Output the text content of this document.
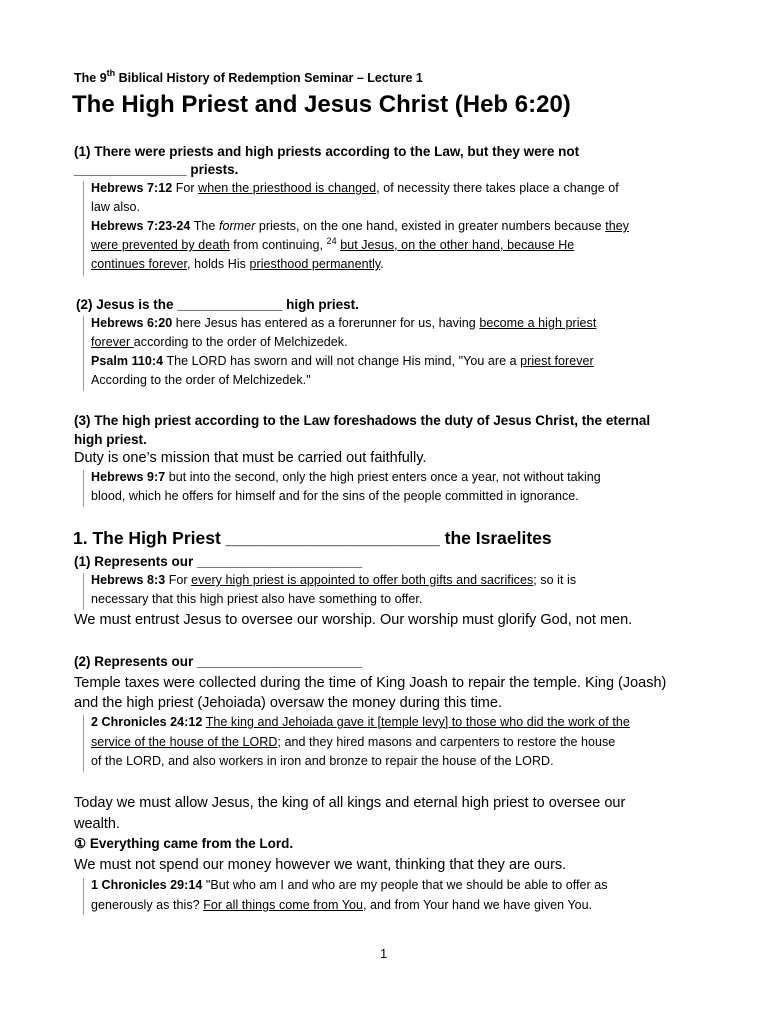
The 9th Biblical History of Redemption Seminar – Lecture 1
The High Priest and Jesus Christ (Heb 6:20)
(1) There were priests and high priests according to the Law, but they were not
_______________ priests.
Hebrews 7:12 For when the priesthood is changed, of necessity there takes place a change of
law also.
Hebrews 7:23-24 The former priests, on the one hand, existed in greater numbers because they
were prevented by death from continuing, $^{24}$ but Jesus, on the other hand, because He
continues forever, holds His priesthood permanently.
(2) Jesus is the ______________ high priest.
Hebrews 6:20 here Jesus has entered as a forerunner for us, having become a high priest
forever according to the order of Melchizedek.
Psalm 110:4 The LORD has sworn and will not change His mind, "You are a priest forever
According to the order of Melchizedek."
(3) The high priest according to the Law foreshadows the duty of Jesus Christ, the eternal
high priest.
Duty is one’s mission that must be carried out faithfully.
Hebrews 9:7 but into the second, only the high priest enters once a year, not without taking
blood, which he offers for himself and for the sins of the people committed in ignorance.
1. The High Priest ______________________ the Israelites
(1) Represents our ______________________
Hebrews 8:3 For every high priest is appointed to offer both gifts and sacrifices; so it is
necessary that this high priest also have something to offer.
We must entrust Jesus to oversee our worship. Our worship must glorify God, not men.
(2) Represents our ______________________
Temple taxes were collected during the time of King Joash to repair the temple. King (Joash)
and the high priest (Jehoiada) oversaw the money during this time.
2 Chronicles 24:12 The king and Jehoiada gave it [temple levy] to those who did the work of the
service of the house of the LORD; and they hired masons and carpenters to restore the house
of the LORD, and also workers in iron and bronze to repair the house of the LORD.
Today we must allow Jesus, the king of all kings and eternal high priest to oversee our
wealth.
① Everything came from the Lord.
We must not spend our money however we want, thinking that they are ours.
1 Chronicles 29:14 "But who am I and who are my people that we should be able to offer as
generously as this? For all things come from You, and from Your hand we have given You.
1
